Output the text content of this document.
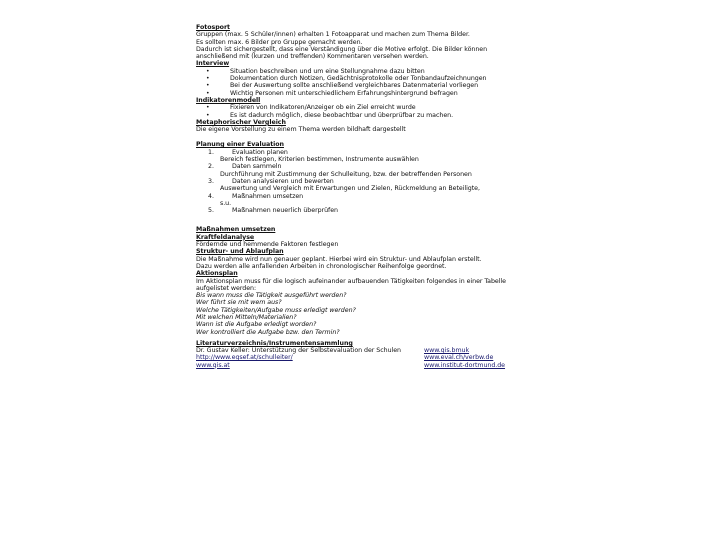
Fotosport
Gruppen (max. 5 Schüler/innen) erhalten 1 Fotoapparat und machen zum Thema Bilder.
Es sollten max. 6 Bilder pro Gruppe gemacht werden.
Dadurch ist sichergestellt, dass eine Verständigung über die Motive erfolgt. Die Bilder können
anschließend mit (kurzen und treffenden) Kommentaren versehen werden.
Interview
•	Situation beschreiben und um eine Stellungnahme dazu bitten
•	Dokumentation durch Notizen, Gedächtnisprotokolle oder Tonbandaufzeichnungen
•	Bei der Auswertung sollte anschließend vergleichbares Datenmaterial vorliegen
•	Wichtig Personen mit unterschiedlichem Erfahrungshintergrund befragen
Indikatorenmodell
•	Fixieren von Indikatoren/Anzeiger ob ein Ziel erreicht wurde
•	Es ist dadurch möglich, diese beobachtbar und überprüfbar zu machen.
Metaphorischer Vergleich
Die eigene Vorstellung zu einem Thema werden bildhaft dargestellt
Planung einer Evaluation
1.	Evaluation planen
Bereich festlegen, Kriterien bestimmen, Instrumente auswählen
2.	Daten sammeln
Durchführung mit Zustimmung der Schulleitung, bzw. der betreffenden Personen
3.	Daten analysieren und bewerten
Auswertung und Vergleich mit Erwartungen und Zielen, Rückmeldung an Beteiligte,
4.	Maßnahmen umsetzen
s.u.
5.	Maßnahmen neuerlich überprüfen
Maßnahmen umsetzen
Kraftfeldanalyse
Fördernde und hemmende Faktoren festlegen
Struktur- und Ablaufplan
Die Maßnahme wird nun genauer geplant. Hierbei wird ein Struktur- und Ablaufplan erstellt.
Dazu werden alle anfallenden Arbeiten in chronologischer Reihenfolge geordnet.
Aktionsplan
Im Aktionsplan muss für die logisch aufeinander aufbauenden Tätigkeiten folgendes in einer Tabelle
aufgelistet werden:
Bis wann muss die Tätigkeit ausgeführt werden?
Wer führt sie mit wem aus?
Welche Tätigkeiten/Aufgabe muss erledigt werden?
Mit welchen Mitteln/Materialien?
Wann ist die Aufgabe erledigt worden?
Wer kontrolliert die Aufgabe bzw. den Termin?
Literaturverzeichnis/Instrumentensammlung
Dr. Gustav Keller: Unterstützung der Selbstevaluation der Schulen	www.qis.bmuk
http://www.egsef.at/schulleiter/	www.eval.ch/verbw.de
www.qis.at	www.institut-dortmund.de
